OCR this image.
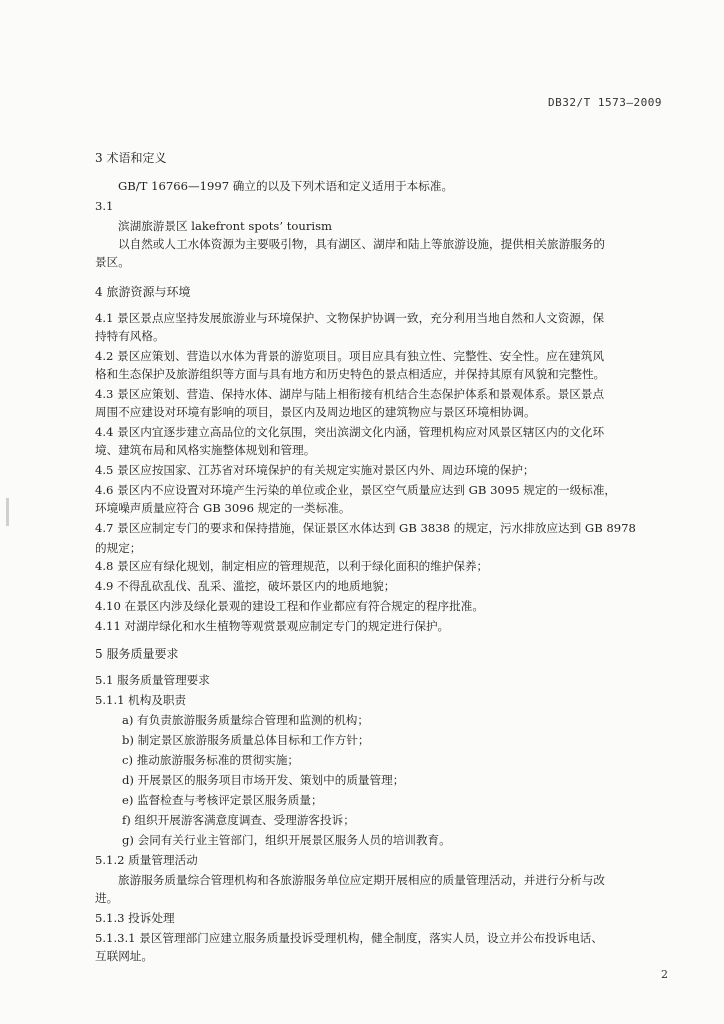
DB32/T 1573—2009
3 术语和定义
GB/T 16766—1997 确立的以及下列术语和定义适用于本标准。
3.1
滨湖旅游景区 lakefront spots’ tourism
以自然或人工水体资源为主要吸引物，具有湖区、湖岸和陆上等旅游设施，提供相关旅游服务的
景区。
4 旅游资源与环境
4.1 景区景点应坚持发展旅游业与环境保护、文物保护协调一致，充分利用当地自然和人文资源，保
持特有风格。
4.2 景区应策划、营造以水体为背景的游览项目。项目应具有独立性、完整性、安全性。应在建筑风
格和生态保护及旅游组织等方面与具有地方和历史特色的景点相适应，并保持其原有风貌和完整性。
4.3 景区应策划、营造、保持水体、湖岸与陆上相衔接有机结合生态保护体系和景观体系。景区景点
周围不应建设对环境有影响的项目，景区内及周边地区的建筑物应与景区环境相协调。
4.4 景区内宜逐步建立高品位的文化氛围，突出滨湖文化内涵，管理机构应对风景区辖区内的文化环
境、建筑布局和风格实施整体规划和管理。
4.5 景区应按国家、江苏省对环境保护的有关规定实施对景区内外、周边环境的保护；
4.6 景区内不应设置对环境产生污染的单位或企业，景区空气质量应达到 GB 3095 规定的一级标准，
环境噪声质量应符合 GB 3096 规定的一类标准。
4.7 景区应制定专门的要求和保持措施，保证景区水体达到 GB 3838 的规定，污水排放应达到 GB 8978
的规定；
4.8 景区应有绿化规划，制定相应的管理规范，以利于绿化面积的维护保养；
4.9 不得乱砍乱伐、乱采、滥挖，破坏景区内的地质地貌；
4.10 在景区内涉及绿化景观的建设工程和作业都应有符合规定的程序批准。
4.11 对湖岸绿化和水生植物等观赏景观应制定专门的规定进行保护。
5 服务质量要求
5.1 服务质量管理要求
5.1.1 机构及职责
a) 有负责旅游服务质量综合管理和监测的机构；
b) 制定景区旅游服务质量总体目标和工作方针；
c) 推动旅游服务标准的贯彻实施；
d) 开展景区的服务项目市场开发、策划中的质量管理；
e) 监督检查与考核评定景区服务质量；
f) 组织开展游客满意度调查、受理游客投诉；
g) 会同有关行业主管部门，组织开展景区服务人员的培训教育。
5.1.2 质量管理活动
旅游服务质量综合管理机构和各旅游服务单位应定期开展相应的质量管理活动，并进行分析与改
进。
5.1.3 投诉处理
5.1.3.1 景区管理部门应建立服务质量投诉受理机构，健全制度，落实人员，设立并公布投诉电话、
互联网址。
2
